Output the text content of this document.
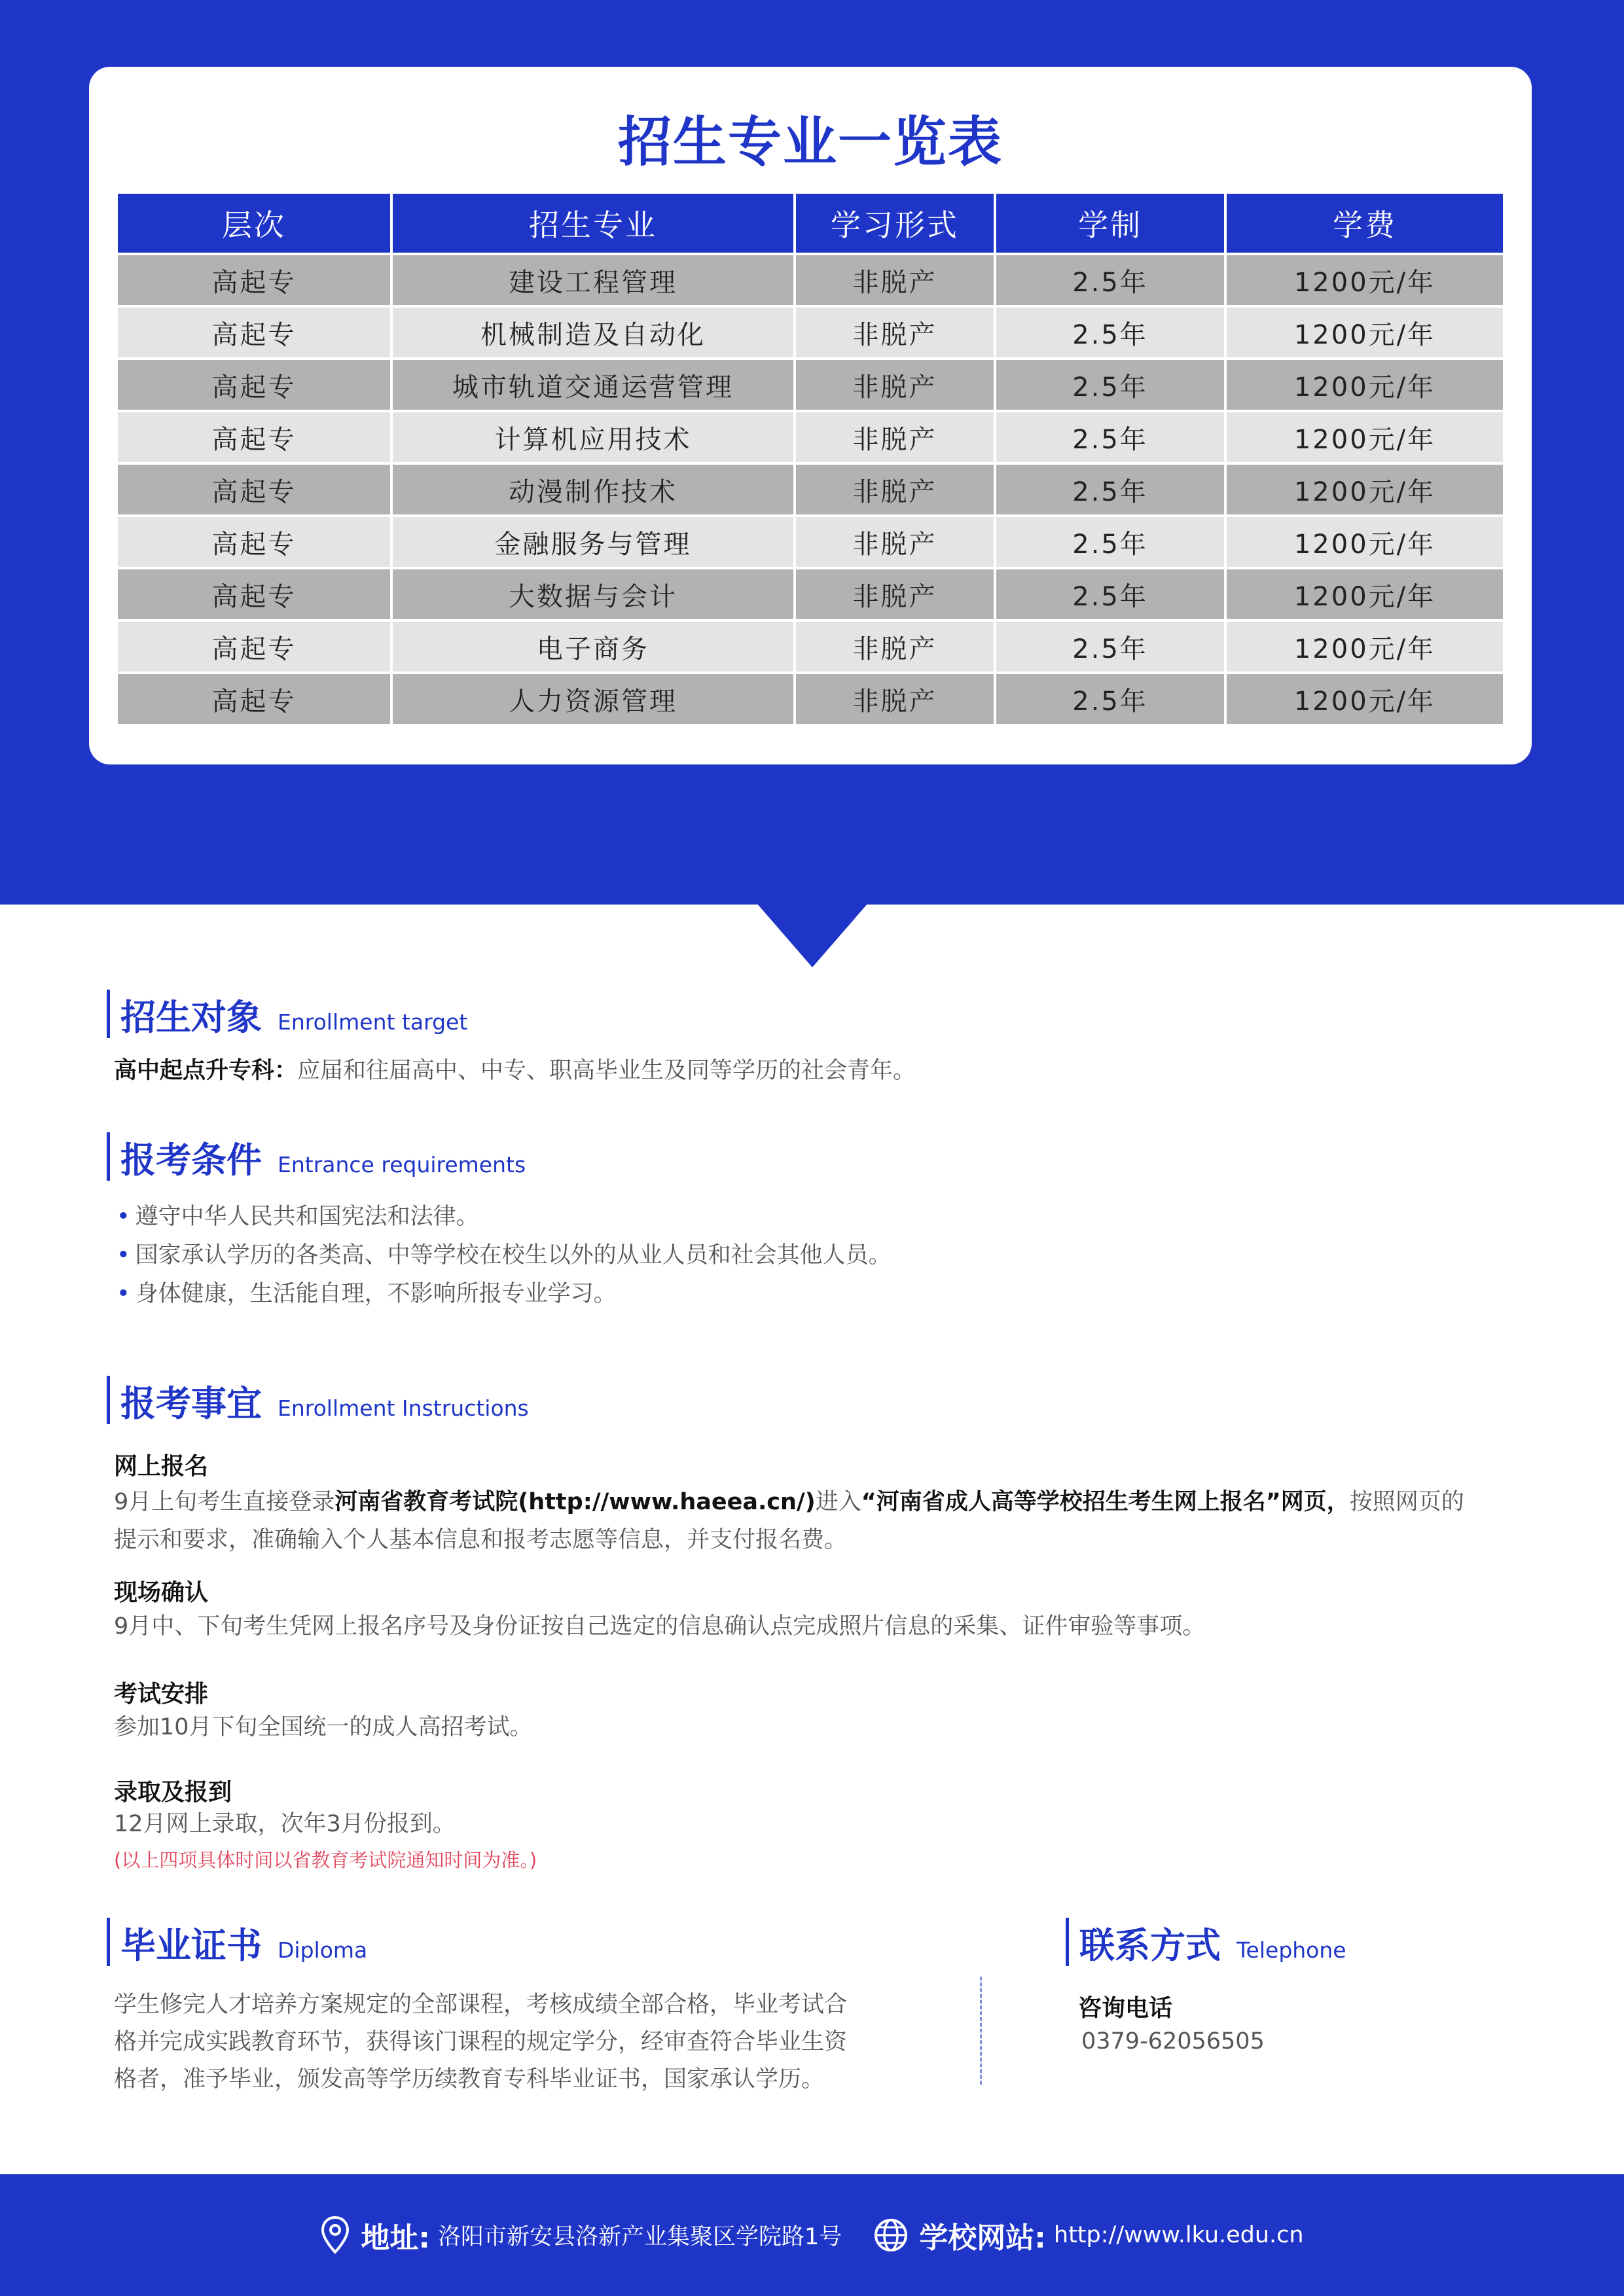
招生专业一览表
层次	招生专业	学习形式	学制	学费
高起专	建设工程管理	非脱产	2.5年	1200元/年
高起专	机械制造及自动化	非脱产	2.5年	1200元/年
高起专	城市轨道交通运营管理	非脱产	2.5年	1200元/年
高起专	计算机应用技术	非脱产	2.5年	1200元/年
高起专	动漫制作技术	非脱产	2.5年	1200元/年
高起专	金融服务与管理	非脱产	2.5年	1200元/年
高起专	大数据与会计	非脱产	2.5年	1200元/年
高起专	电子商务	非脱产	2.5年	1200元/年
高起专	人力资源管理	非脱产	2.5年	1200元/年
招生对象 Enrollment target
高中起点升专科：应届和往届高中、中专、职高毕业生及同等学历的社会青年。
报考条件 Entrance requirements
• 遵守中华人民共和国宪法和法律。
• 国家承认学历的各类高、中等学校在校生以外的从业人员和社会其他人员。
• 身体健康，生活能自理，不影响所报专业学习。
报考事宜 Enrollment Instructions
网上报名
9月上旬考生直接登录河南省教育考试院(http://www.haeea.cn/)进入“河南省成人高等学校招生考生网上报名”网页，按照网页的
提示和要求，准确输入个人基本信息和报考志愿等信息，并支付报名费。
现场确认
9月中、下旬考生凭网上报名序号及身份证按自己选定的信息确认点完成照片信息的采集、证件审验等事项。
考试安排
参加10月下旬全国统一的成人高招考试。
录取及报到
12月网上录取，次年3月份报到。
(以上四项具体时间以省教育考试院通知时间为准。)
毕业证书 Diploma
学生修完人才培养方案规定的全部课程，考核成绩全部合格，毕业考试合
格并完成实践教育环节，获得该门课程的规定学分，经审查符合毕业生资
格者，准予毕业，颁发高等学历续教育专科毕业证书，国家承认学历。
联系方式 Telephone
咨询电话
0379-62056505
地址: 洛阳市新安县洛新产业集聚区学院路1号	学校网站: http://www.lku.edu.cn
